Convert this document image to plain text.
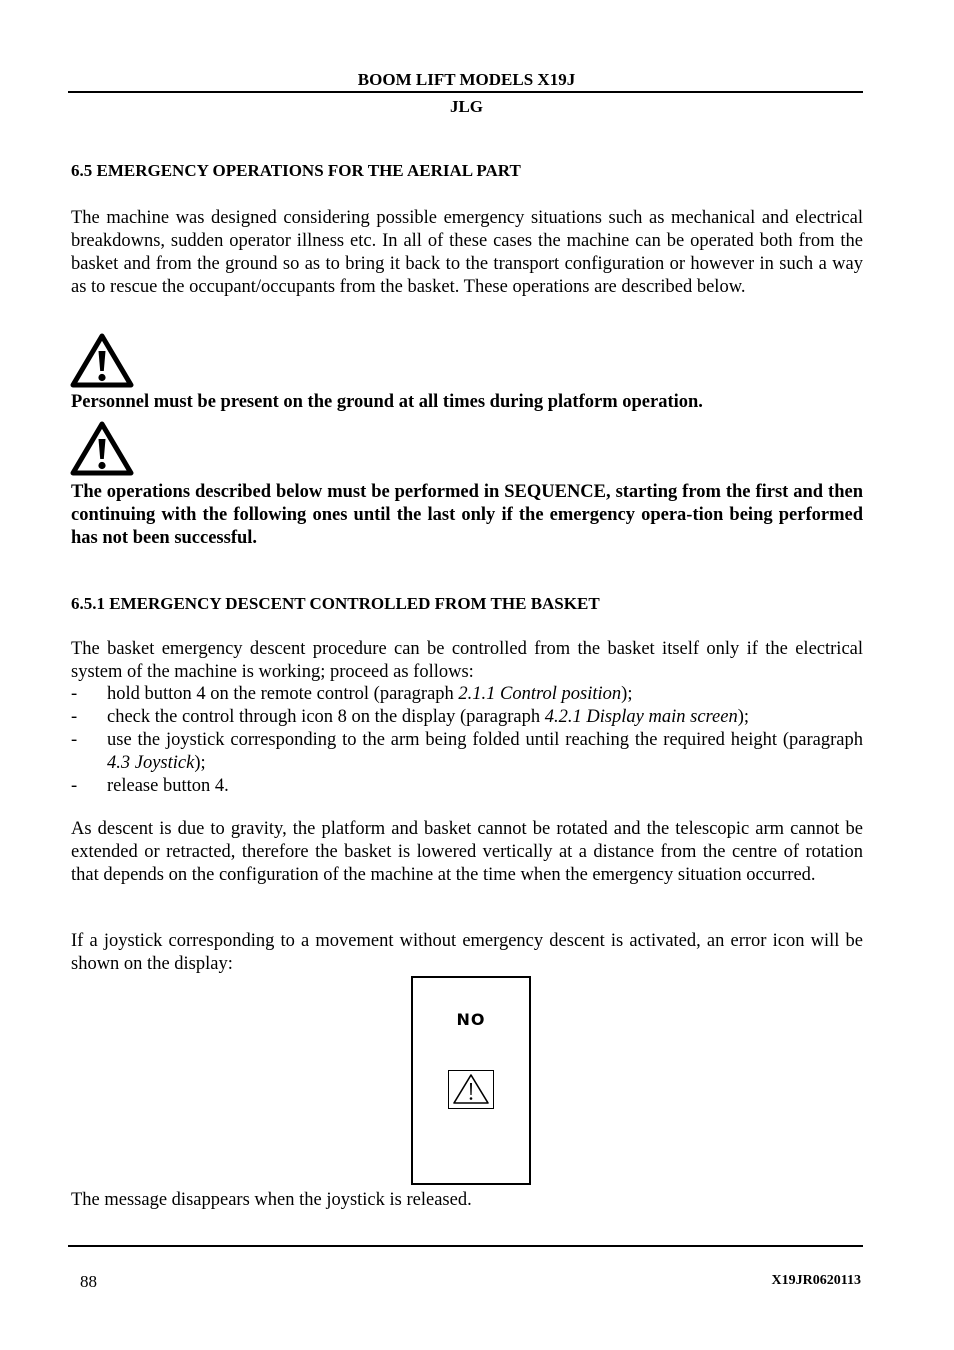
BOOM LIFT MODELS X19J
JLG
6.5 EMERGENCY OPERATIONS FOR THE AERIAL PART
The machine was designed considering possible emergency situations such as mechanical and electrical breakdowns, sudden operator illness etc. In all of these cases the machine can be operated both from the basket and from the ground so as to bring it back to the transport configuration or however in such a way as to rescue the occupant/occupants from the basket. These operations are described below.
Personnel must be present on the ground at all times during platform operation.
The operations described below must be performed in SEQUENCE, starting from the first and then continuing with the following ones until the last only if the emergency opera-tion being performed has not been successful.
6.5.1 EMERGENCY DESCENT CONTROLLED FROM THE BASKET
The basket emergency descent procedure can be controlled from the basket itself only if the electrical system of the machine is working; proceed as follows:
- hold button 4 on the remote control (paragraph 2.1.1 Control position);
- check the control through icon 8 on the display (paragraph 4.2.1 Display main screen);
- use the joystick corresponding to the arm being folded until reaching the required height (paragraph 4.3 Joystick);
- release button 4.
As descent is due to gravity, the platform and basket cannot be rotated and the telescopic arm cannot be extended or retracted, therefore the basket is lowered vertically at a distance from the centre of rotation that depends on the configuration of the machine at the time when the emergency situation occurred.
If a joystick corresponding to a movement without emergency descent is activated, an error icon will be shown on the display:
NO
The message disappears when the joystick is released.
88	X19JR0620113
